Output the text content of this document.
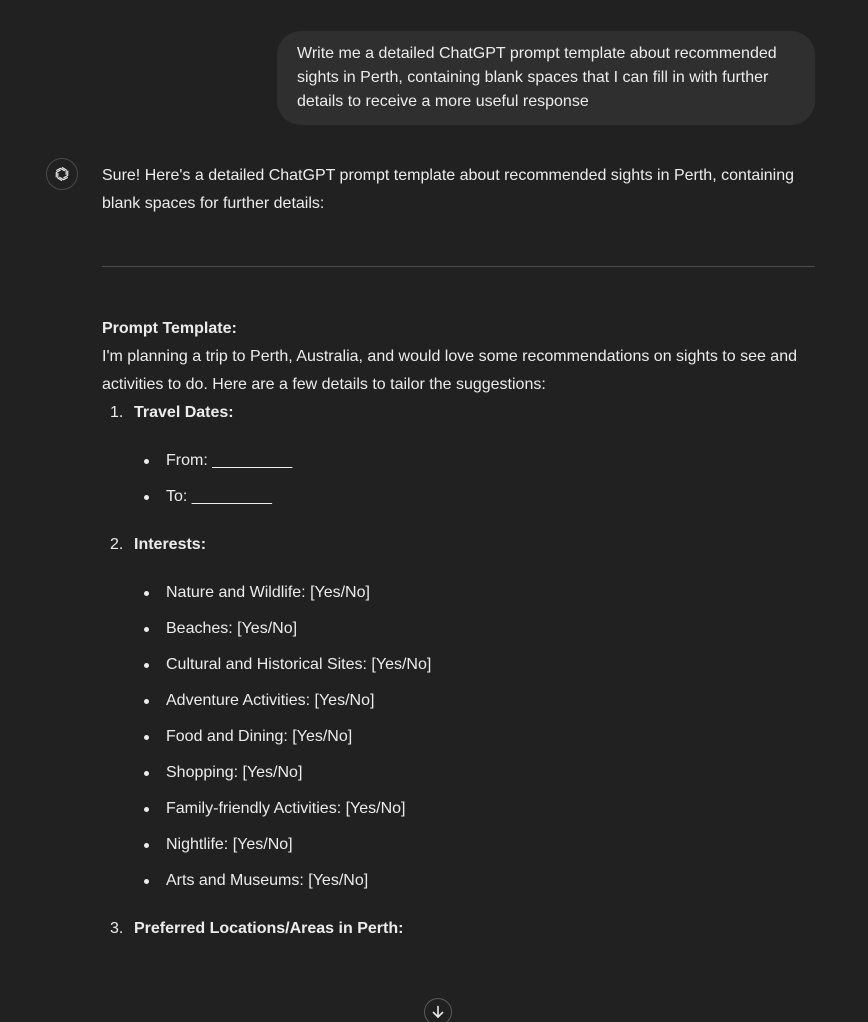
Write me a detailed ChatGPT prompt template about recommended sights in Perth, containing blank spaces that I can fill in with further details to receive a more useful response

Sure! Here's a detailed ChatGPT prompt template about recommended sights in Perth, containing blank spaces for further details:

Prompt Template:

I'm planning a trip to Perth, Australia, and would love some recommendations on sights to see and activities to do. Here are a few details to tailor the suggestions:

1. Travel Dates:
From: _________
To: _________
2. Interests:
Nature and Wildlife: [Yes/No]
Beaches: [Yes/No]
Cultural and Historical Sites: [Yes/No]
Adventure Activities: [Yes/No]
Food and Dining: [Yes/No]
Shopping: [Yes/No]
Family-friendly Activities: [Yes/No]
Nightlife: [Yes/No]
Arts and Museums: [Yes/No]
3. Preferred Locations/Areas in Perth:
